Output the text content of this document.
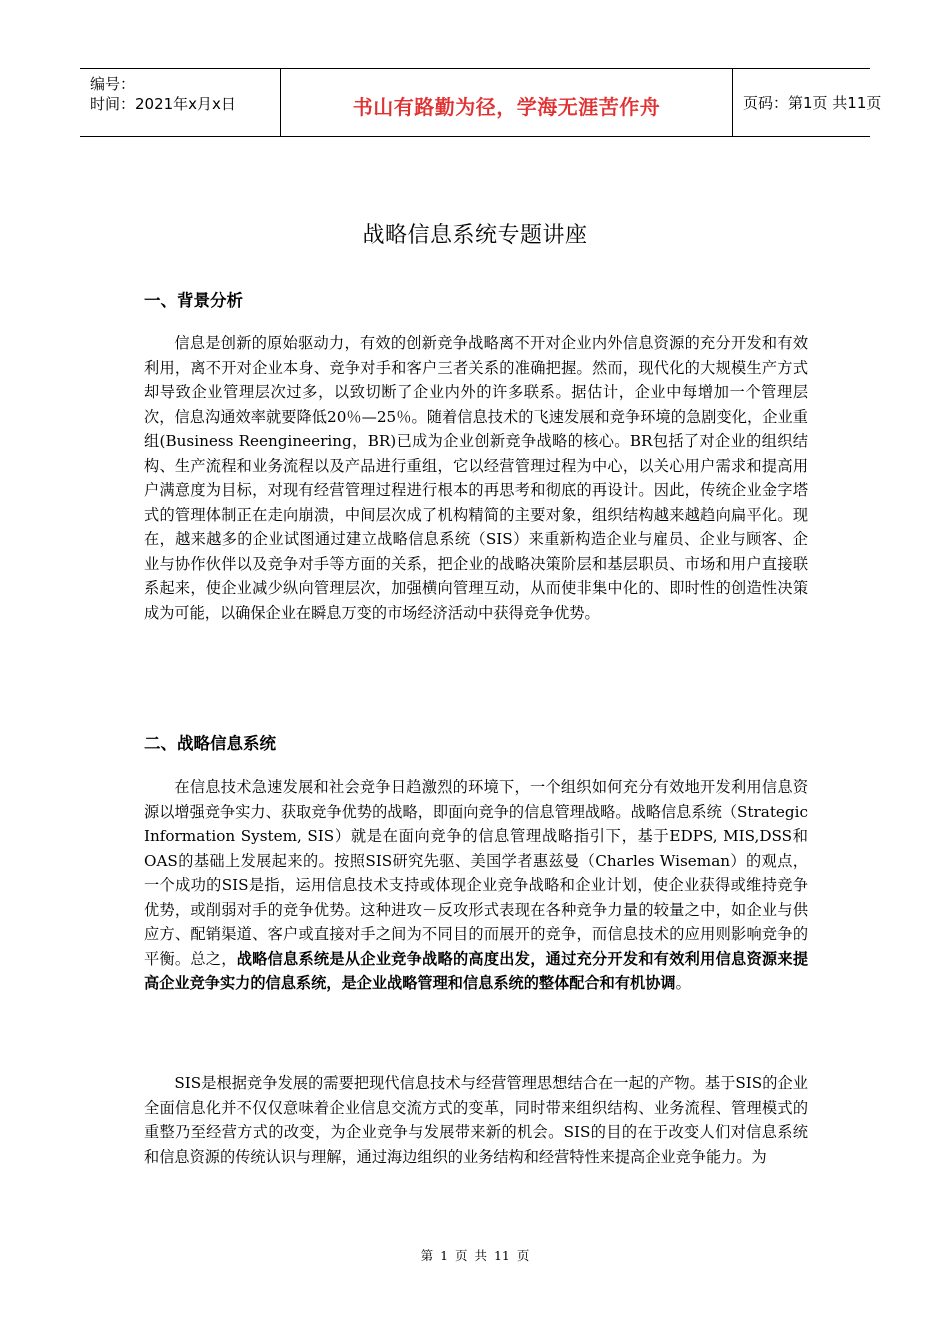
编号：
时间：2021年x月x日	书山有路勤为径，学海无涯苦作舟	页码：第1页 共11页
战略信息系统专题讲座
一、背景分析

信息是创新的原始驱动力，有效的创新竞争战略离不开对企业内外信息资源的充分开发和有效利用，离不开对企业本身、竞争对手和客户三者关系的准确把握。然而，现代化的大规模生产方式却导致企业管理层次过多，以致切断了企业内外的许多联系。据估计，企业中每增加一个管理层次，信息沟通效率就要降低20％—25％。随着信息技术的飞速发展和竞争环境的急剧变化，企业重组(Business Reengineering，BR)已成为企业创新竞争战略的核心。BR包括了对企业的组织结构、生产流程和业务流程以及产品进行重组，它以经营管理过程为中心，以关心用户需求和提高用户满意度为目标，对现有经营管理过程进行根本的再思考和彻底的再设计。因此，传统企业金字塔式的管理体制正在走向崩溃，中间层次成了机构精简的主要对象，组织结构越来越趋向扁平化。现在，越来越多的企业试图通过建立战略信息系统（SIS）来重新构造企业与雇员、企业与顾客、企业与协作伙伴以及竞争对手等方面的关系，把企业的战略决策阶层和基层职员、市场和用户直接联系起来，使企业减少纵向管理层次，加强横向管理互动，从而使非集中化的、即时性的创造性决策成为可能，以确保企业在瞬息万变的市场经济活动中获得竞争优势。

二、战略信息系统

在信息技术急速发展和社会竞争日趋激烈的环境下，一个组织如何充分有效地开发利用信息资源以增强竞争实力、获取竞争优势的战略，即面向竞争的信息管理战略。战略信息系统（Strategic Information System, SIS）就是在面向竞争的信息管理战略指引下，基于EDPS, MIS,DSS和OAS的基础上发展起来的。按照SIS研究先驱、美国学者惠兹曼（Charles Wiseman）的观点，一个成功的SIS是指，运用信息技术支持或体现企业竞争战略和企业计划，使企业获得或维持竞争优势，或削弱对手的竞争优势。这种进攻－反攻形式表现在各种竞争力量的较量之中，如企业与供应方、配销渠道、客户或直接对手之间为不同目的而展开的竞争，而信息技术的应用则影响竞争的平衡。总之，战略信息系统是从企业竞争战略的高度出发，通过充分开发和有效利用信息资源来提高企业竞争实力的信息系统，是企业战略管理和信息系统的整体配合和有机协调。

SIS是根据竞争发展的需要把现代信息技术与经营管理思想结合在一起的产物。基于SIS的企业全面信息化并不仅仅意味着企业信息交流方式的变革，同时带来组织结构、业务流程、管理模式的重整乃至经营方式的改变，为企业竞争与发展带来新的机会。SIS的目的在于改变人们对信息系统和信息资源的传统认识与理解，通过海边组织的业务结构和经营特性来提高企业竞争能力。为

第 1 页 共 11 页
